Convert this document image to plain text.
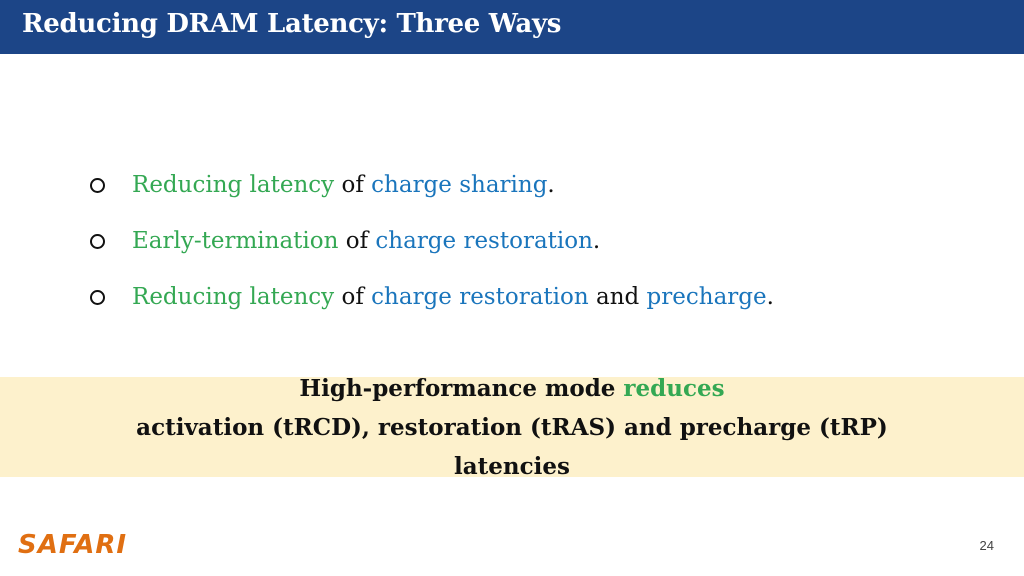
Reducing DRAM Latency: Three Ways
Reducing latency of charge sharing.
Early-termination of charge restoration.
Reducing latency of charge restoration and precharge.
High-performance mode reduces
activation (tRCD), restoration (tRAS) and precharge (tRP)
latencies
SAFARI	24
